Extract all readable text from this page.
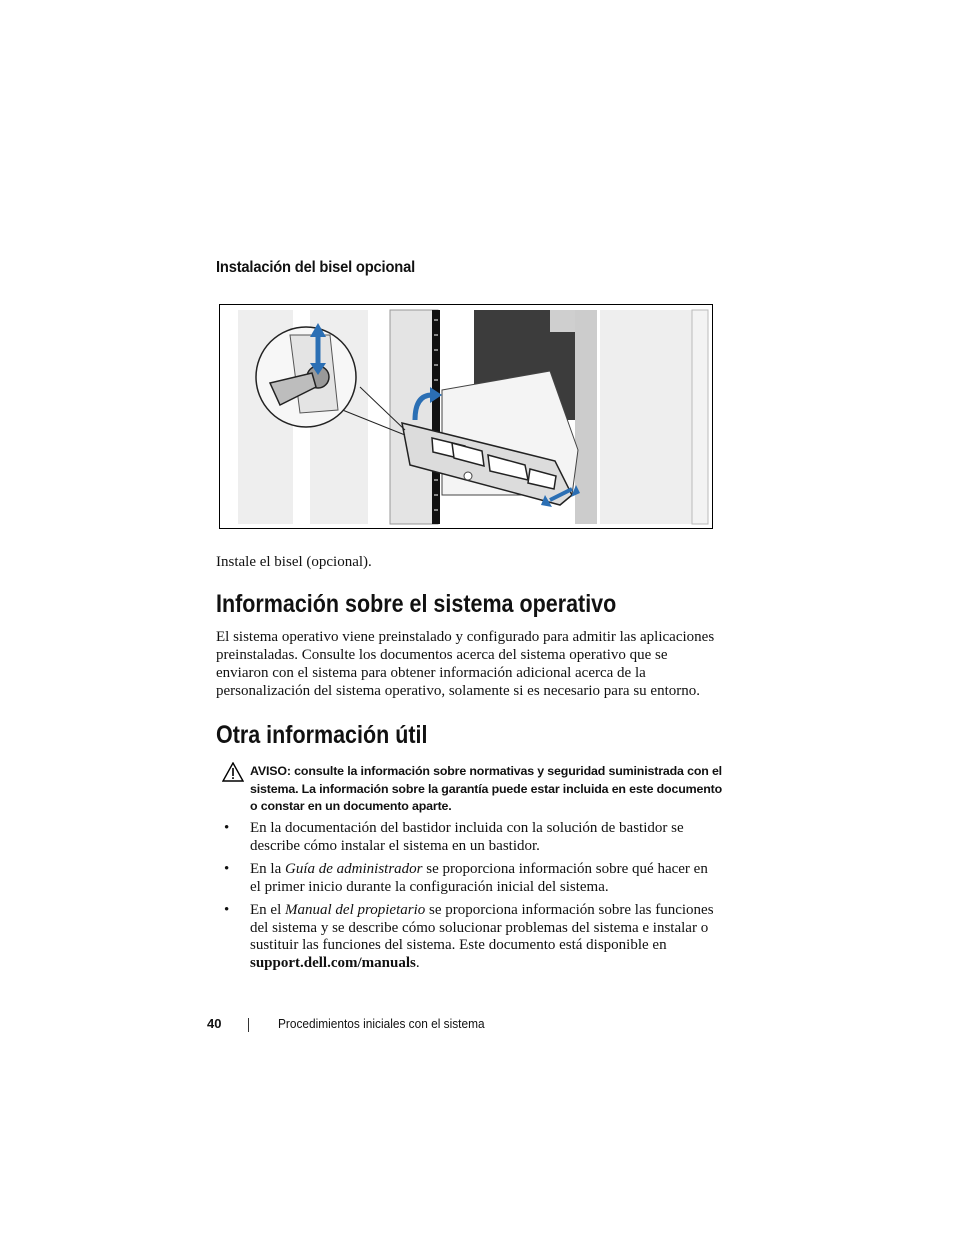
Instalación del bisel opcional
Instale el bisel (opcional).
Información sobre el sistema operativo
El sistema operativo viene preinstalado y configurado para admitir las aplicaciones preinstaladas. Consulte los documentos acerca del sistema operativo que se enviaron con el sistema para obtener información adicional acerca de la personalización del sistema operativo, solamente si es necesario para su entorno.
Otra información útil
AVISO: consulte la información sobre normativas y seguridad suministrada con el sistema. La información sobre la garantía puede estar incluida en este documento o constar en un documento aparte.
• En la documentación del bastidor incluida con la solución de bastidor se describe cómo instalar el sistema en un bastidor.
• En la Guía de administrador se proporciona información sobre qué hacer en el primer inicio durante la configuración inicial del sistema.
• En el Manual del propietario se proporciona información sobre las funciones del sistema y se describe cómo solucionar problemas del sistema e instalar o sustituir las funciones del sistema. Este documento está disponible en support.dell.com/manuals.
40	Procedimientos iniciales con el sistema
